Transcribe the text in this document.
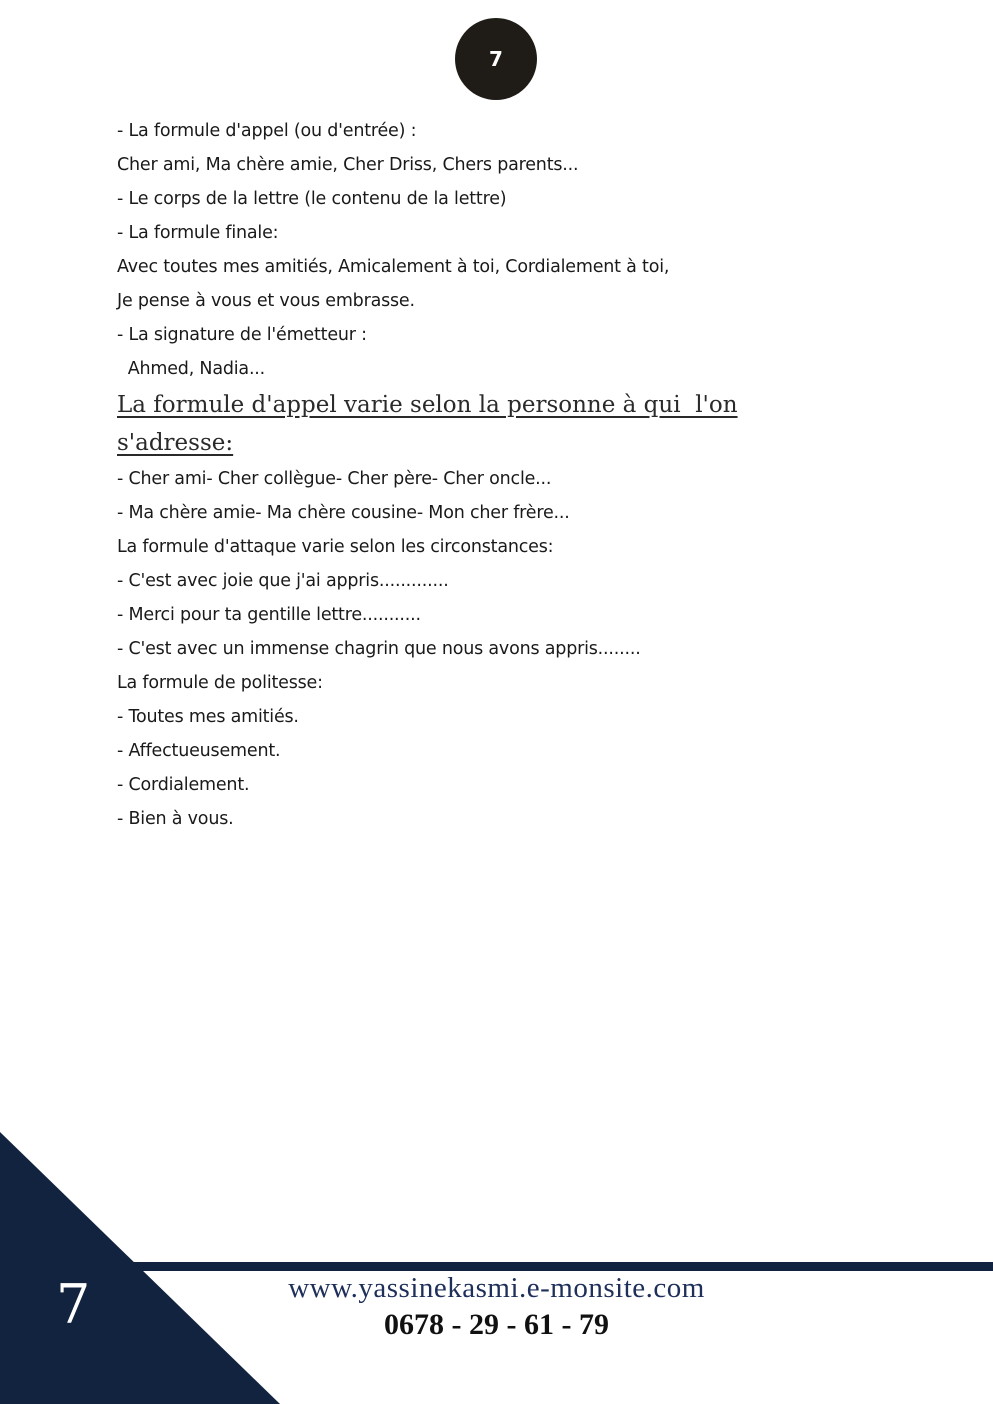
7
- La formule d'appel (ou d'entrée) :
Cher ami, Ma chère amie, Cher Driss, Chers parents...
- Le corps de la lettre (le contenu de la lettre)
- La formule finale:
Avec toutes mes amitiés, Amicalement à toi, Cordialement à toi,
Je pense à vous et vous embrasse.
- La signature de l'émetteur :
Ahmed, Nadia...
La formule d'appel varie selon la personne à qui  l'on
s'adresse:
- Cher ami- Cher collègue- Cher père- Cher oncle...
- Ma chère amie- Ma chère cousine- Mon cher frère...
La formule d'attaque varie selon les circonstances:
- C'est avec joie que j'ai appris.............
- Merci pour ta gentille lettre...........
- C'est avec un immense chagrin que nous avons appris........
La formule de politesse:
- Toutes mes amitiés.
- Affectueusement.
- Cordialement.
- Bien à vous.
7	www.yassinekasmi.e-monsite.com
0678 - 29 - 61 - 79
